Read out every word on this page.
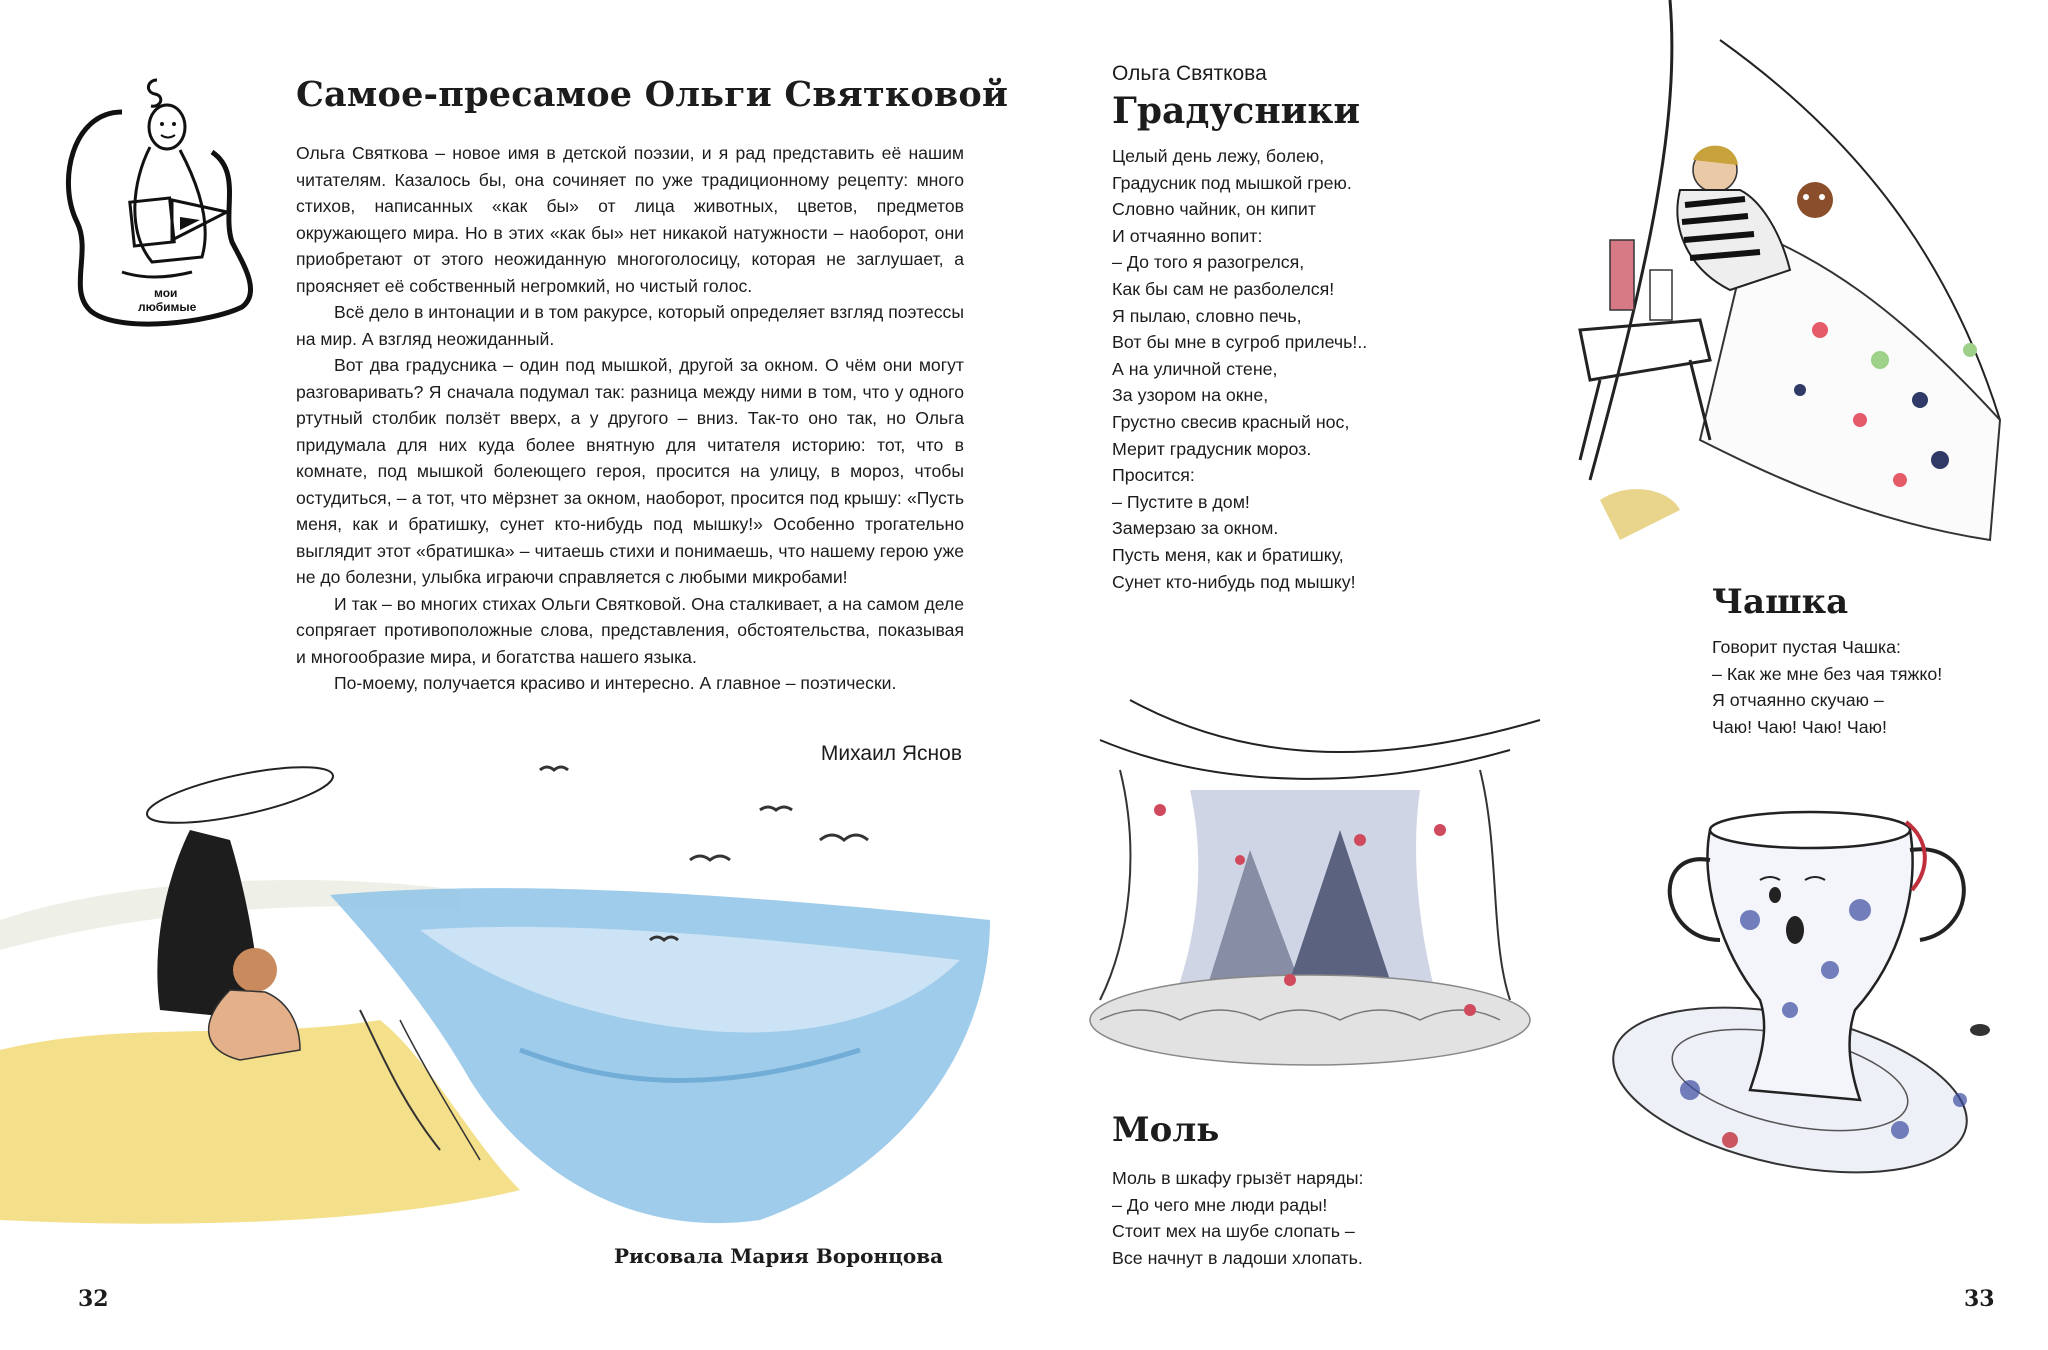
мои
любимые
Самое-пресамое Ольги Святковой

Ольга Святкова – новое имя в детской поэзии, и я рад представить её нашим читателям. Казалось бы, она сочиняет по уже традиционному рецепту: много стихов, написанных «как бы» от лица животных, цветов, предметов окружающего мира. Но в этих «как бы» нет никакой натужности – наоборот, они приобретают от этого неожиданную многоголосицу, которая не заглушает, а проясняет её собственный негромкий, но чистый голос.

Всё дело в интонации и в том ракурсе, который определяет взгляд поэтессы на мир. А взгляд неожиданный.

Вот два градусника – один под мышкой, другой за окном. О чём они могут разговаривать? Я сначала подумал так: разница между ними в том, что у одного ртутный столбик ползёт вверх, а у другого – вниз. Так-то оно так, но Ольга придумала для них куда более внятную для читателя историю: тот, что в комнате, под мышкой болеющего героя, просится на улицу, в мороз, чтобы остудиться, – а тот, что мёрзнет за окном, наоборот, просится под крышу: «Пусть меня, как и братишку, сунет кто-нибудь под мышку!» Особенно трогательно выглядит этот «братишка» – читаешь стихи и понимаешь, что нашему герою уже не до болезни, улыбка играючи справляется с любыми микробами!

И так – во многих стихах Ольги Святковой. Она сталкивает, а на самом деле сопрягает противоположные слова, представления, обстоятельства, показывая и многообразие мира, и богатства нашего языка.

По-моему, получается красиво и интересно. А главное – поэтически.

Михаил Яснов
Рисовала Мария Воронцова
32
Ольга Святкова
Градусники
Целый день лежу, болею,
Градусник под мышкой грею.
Словно чайник, он кипит
И отчаянно вопит:
– До того я разогрелся,
Как бы сам не разболелся!
Я пылаю, словно печь,
Вот бы мне в сугроб прилечь!..
А на уличной стене,
За узором на окне,
Грустно свесив красный нос,
Мерит градусник мороз.
Просится:
– Пустите в дом!
Замерзаю за окном.
Пусть меня, как и братишку,
Сунет кто-нибудь под мышку!
Чашка
Говорит пустая Чашка:
– Как же мне без чая тяжко!
Я отчаянно скучаю –
Чаю! Чаю! Чаю! Чаю!
Моль
Моль в шкафу грызёт наряды:
– До чего мне люди рады!
Стоит мех на шубе слопать –
Все начнут в ладоши хлопать.
33
